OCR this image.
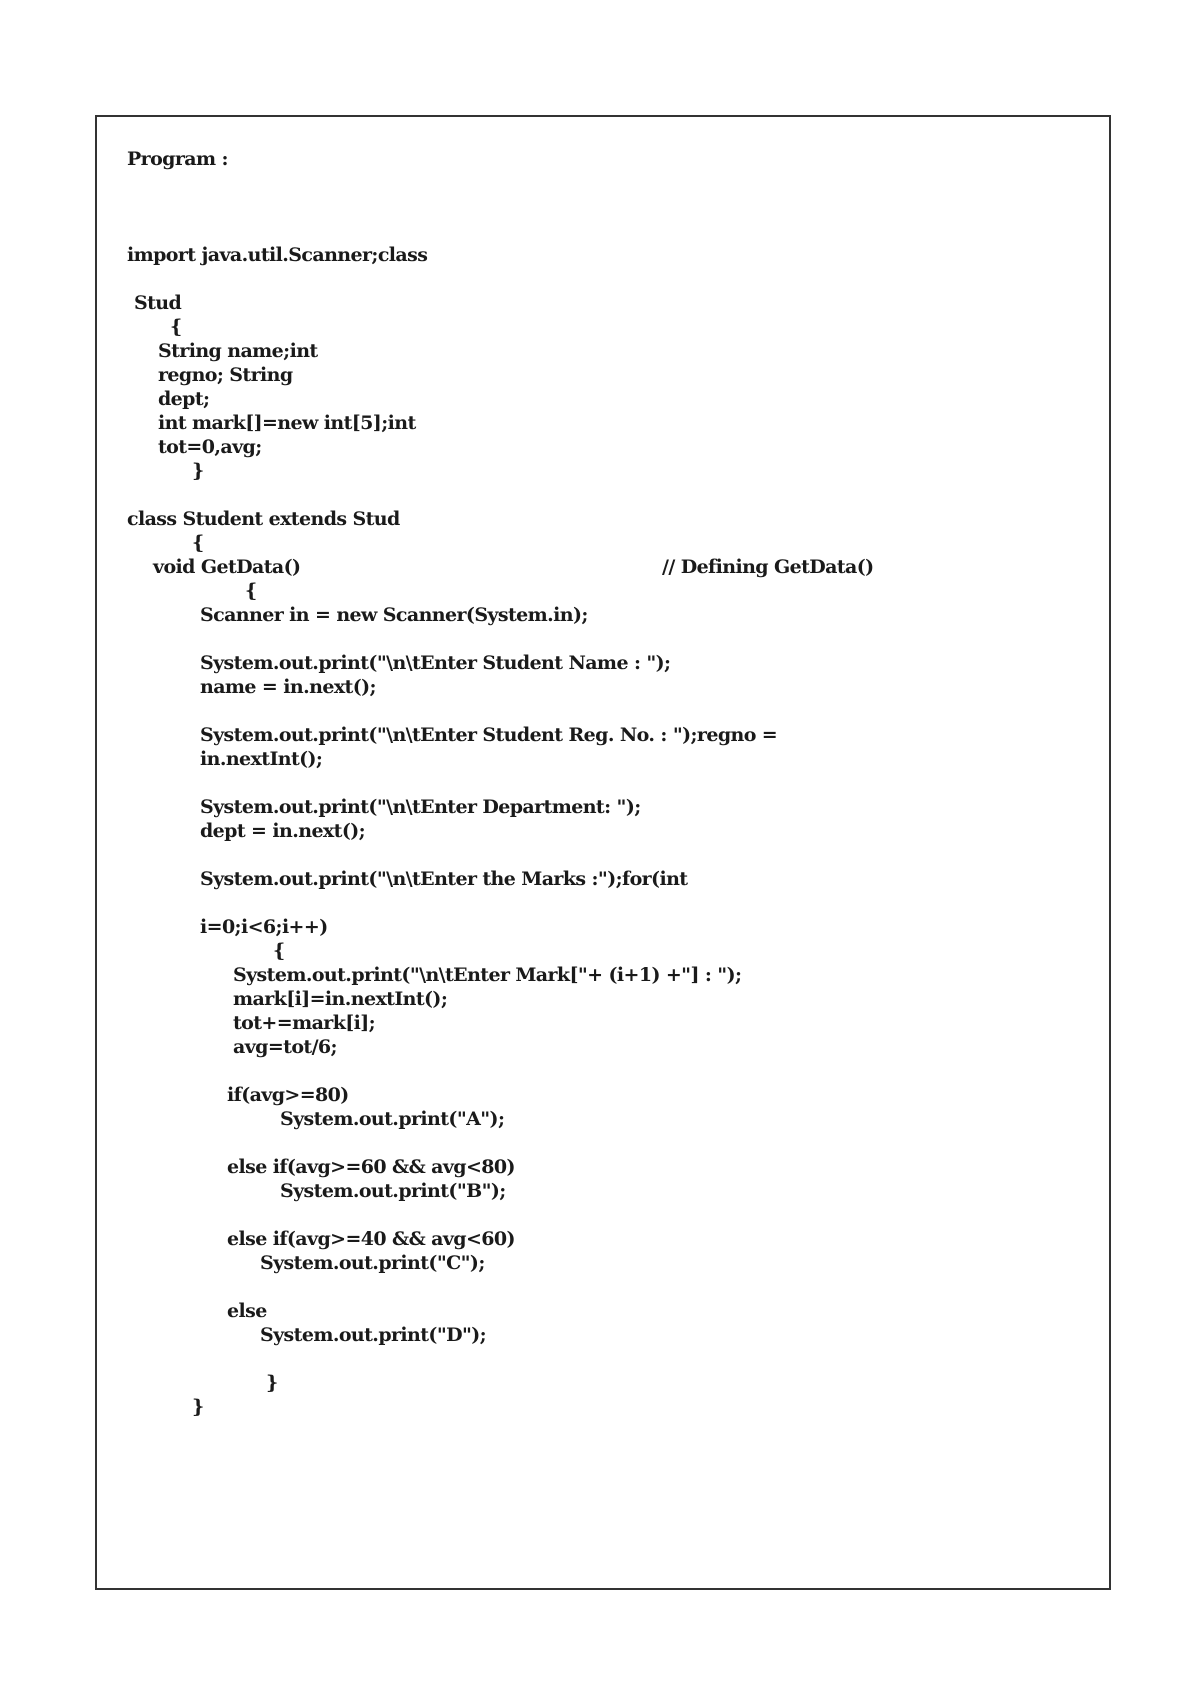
Program :
import java.util.Scanner;class
Stud
{
String name;int
regno; String
dept;
int mark[]=new int[5];int
tot=0,avg;
}
class Student extends Stud
{
void GetData()	// Defining GetData()
{
Scanner in = new Scanner(System.in);
System.out.print("\n\tEnter Student Name : ");
name = in.next();
System.out.print("\n\tEnter Student Reg. No. : ");regno =
in.nextInt();
System.out.print("\n\tEnter Department: ");
dept = in.next();
System.out.print("\n\tEnter the Marks :");for(int
i=0;i<6;i++)
{
System.out.print("\n\tEnter Mark["+ (i+1) +"] : ");
mark[i]=in.nextInt();
tot+=mark[i];
avg=tot/6;
if(avg>=80)
System.out.print("A");
else if(avg>=60 && avg<80)
System.out.print("B");
else if(avg>=40 && avg<60)
System.out.print("C");
else
System.out.print("D");
}
}
